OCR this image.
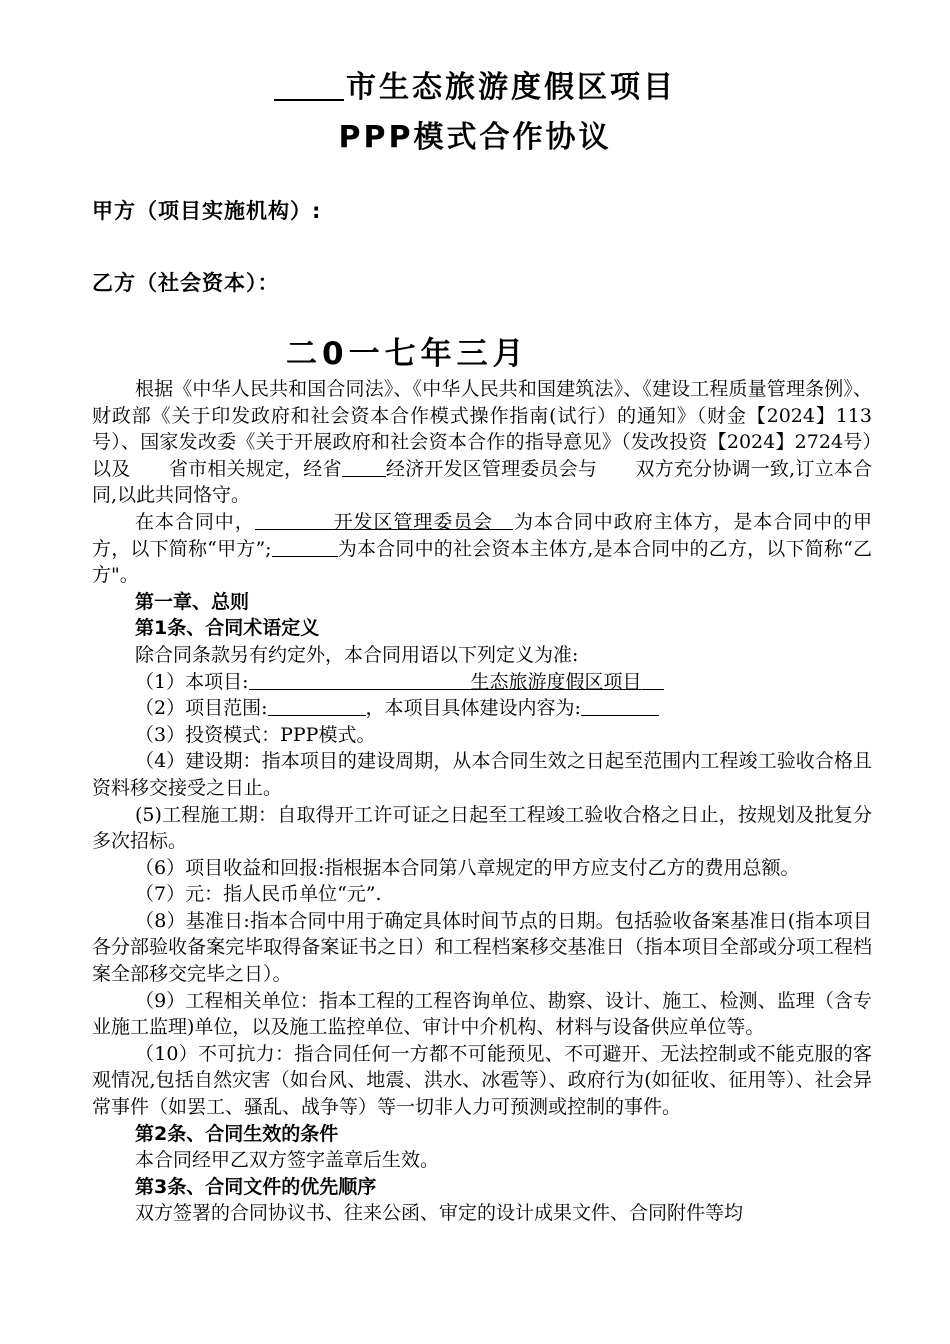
市生态旅游度假区项目
PPP模式合作协议

甲方（项目实施机构）:

乙方（社会资本）：

二0一七年三月

根据《中华人民共和国合同法》、《中华人民共和国建筑法》、《建设工程质量管理条例》、财政部《关于印发政府和社会资本合作模式操作指南(试行）的通知》（财金【2024】113号）、国家发改委《关于开展政府和社会资本合作的指导意见》（发改投资【2024】2724号）以及　　省市相关规定，经省 经济开发区管理委员会与　　双方充分协调一致,订立本合同,以此共同恪守。

在本合同中，	开发区管理委员会 为本合同中政府主体方，是本合同中的甲方，以下简称“甲方”;	为本合同中的社会资本主体方,是本合同中的乙方，以下简称“乙方"。

第一章、总则

第1条、合同术语定义

除合同条款另有约定外，本合同用语以下列定义为准:

（1）本项目:	生态旅游度假区项目

（2）项目范围:	，本项目具体建设内容为:

（3）投资模式：PPP模式。

（4）建设期：指本项目的建设周期，从本合同生效之日起至范围内工程竣工验收合格且资料移交接受之日止。

(5)工程施工期：自取得开工许可证之日起至工程竣工验收合格之日止，按规划及批复分多次招标。

（6）项目收益和回报:指根据本合同第八章规定的甲方应支付乙方的费用总额。

（7）元：指人民币单位“元”.

（8）基准日:指本合同中用于确定具体时间节点的日期。包括验收备案基准日(指本项目各分部验收备案完毕取得备案证书之日）和工程档案移交基准日（指本项目全部或分项工程档案全部移交完毕之日）。

（9）工程相关单位：指本工程的工程咨询单位、勘察、设计、施工、检测、监理（含专业施工监理)单位，以及施工监控单位、审计中介机构、材料与设备供应单位等。

（10）不可抗力：指合同任何一方都不可能预见、不可避开、无法控制或不能克服的客观情况,包括自然灾害（如台风、地震、洪水、冰雹等）、政府行为(如征收、征用等）、社会异常事件（如罢工、骚乱、战争等）等一切非人力可预测或控制的事件。

第2条、合同生效的条件

本合同经甲乙双方签字盖章后生效。

第3条、合同文件的优先顺序

双方签署的合同协议书、往来公函、审定的设计成果文件、合同附件等均
